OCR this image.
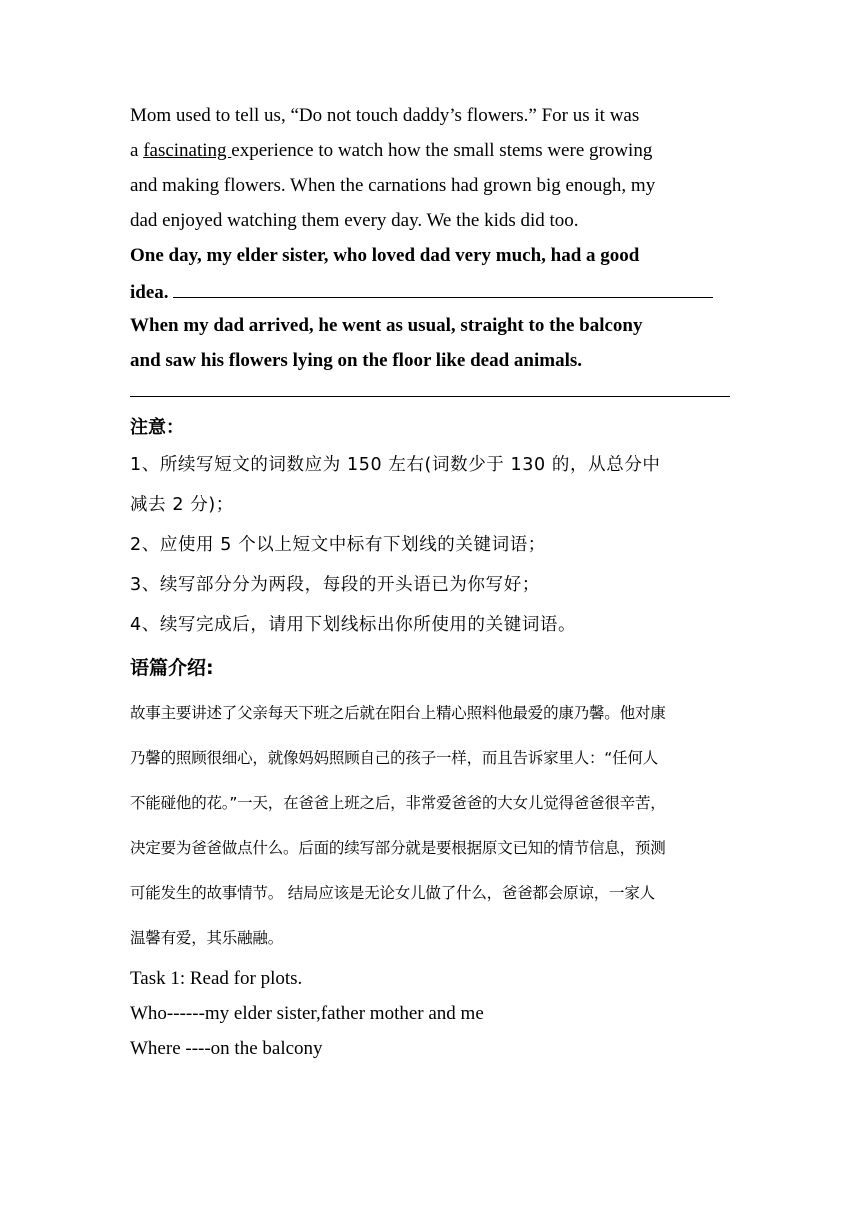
Mom used to tell us, “Do not touch daddy’s flowers.” For us it was
a fascinating experience to watch how the small stems were growing
and making flowers. When the carnations had grown big enough, my
dad enjoyed watching them every day. We the kids did too.
One day, my elder sister, who loved dad very much, had a good
idea.
When my dad arrived, he went as usual, straight to the balcony
and saw his flowers lying on the floor like dead animals.
注意：
1、所续写短文的词数应为 150 左右(词数少于 130 的，从总分中
减去 2 分)；
2、应使用 5 个以上短文中标有下划线的关键词语；
3、续写部分分为两段，每段的开头语已为你写好；
4、续写完成后，请用下划线标出你所使用的关键词语。
语篇介绍:
故事主要讲述了父亲每天下班之后就在阳台上精心照料他最爱的康乃馨。他对康
乃馨的照顾很细心，就像妈妈照顾自己的孩子一样，而且告诉家里人：“任何人
不能碰他的花。”一天，在爸爸上班之后，非常爱爸爸的大女儿觉得爸爸很辛苦，
决定要为爸爸做点什么。后面的续写部分就是要根据原文已知的情节信息，预测
可能发生的故事情节。 结局应该是无论女儿做了什么，爸爸都会原谅，一家人
温馨有爱，其乐融融。
Task 1: Read for plots.
Who------my elder sister,father mother and me
Where ----on the balcony
